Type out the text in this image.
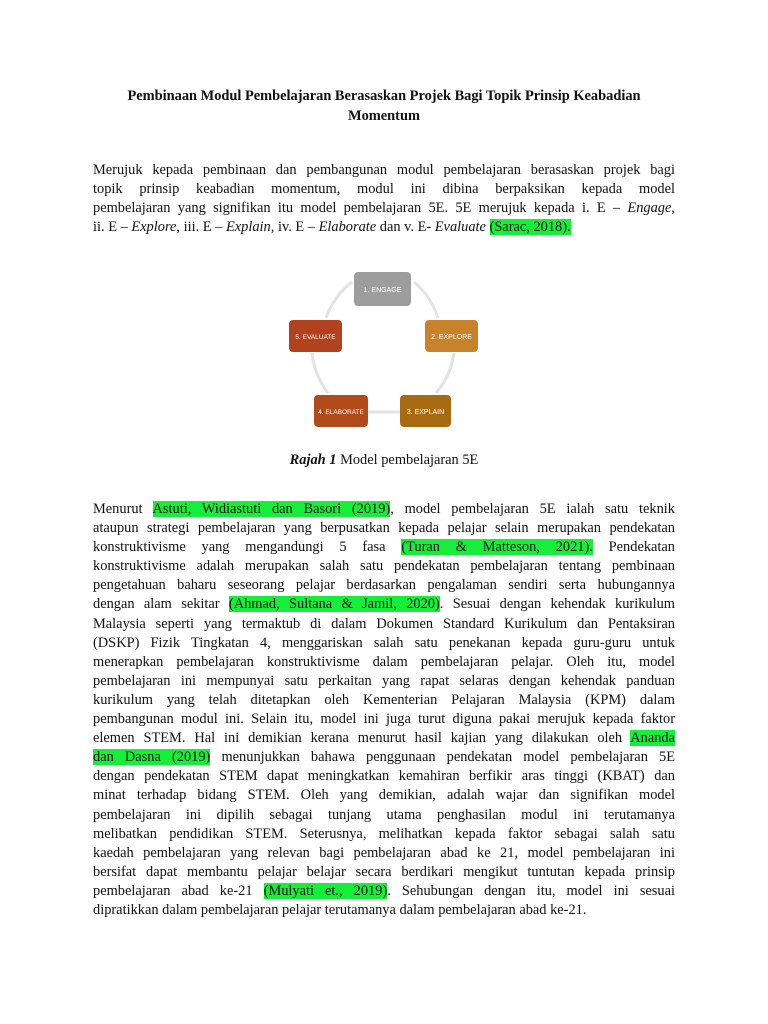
Pembinaan Modul Pembelajaran Berasaskan Projek Bagi Topik Prinsip Keabadian
Momentum
Merujuk kepada pembinaan dan pembangunan modul pembelajaran berasaskan projek bagi
topik prinsip keabadian momentum, modul ini dibina berpaksikan kepada model
pembelajaran yang signifikan itu model pembelajaran 5E. 5E merujuk kepada i. E – Engage,
ii. E – Explore, iii. E – Explain, iv. E – Elaborate dan v. E- Evaluate (Sarac, 2018).
1. ENGAGE
2. EXPLORE
3. EXPLAIN
4. ELABORATE
5. EVALUATE
Rajah 1 Model pembelajaran 5E
Menurut Astuti, Widiastuti dan Basori (2019), model pembelajaran 5E ialah satu teknik
ataupun strategi pembelajaran yang berpusatkan kepada pelajar selain merupakan pendekatan
konstruktivisme yang mengandungi 5 fasa (Turan & Matteson, 2021). Pendekatan
konstruktivisme adalah merupakan salah satu pendekatan pembelajaran tentang pembinaan
pengetahuan baharu seseorang pelajar berdasarkan pengalaman sendiri serta hubungannya
dengan alam sekitar (Ahmad, Sultana & Jamil, 2020). Sesuai dengan kehendak kurikulum
Malaysia seperti yang termaktub di dalam Dokumen Standard Kurikulum dan Pentaksiran
(DSKP) Fizik Tingkatan 4, menggariskan salah satu penekanan kepada guru-guru untuk
menerapkan pembelajaran konstruktivisme dalam pembelajaran pelajar. Oleh itu, model
pembelajaran ini mempunyai satu perkaitan yang rapat selaras dengan kehendak panduan
kurikulum yang telah ditetapkan oleh Kementerian Pelajaran Malaysia (KPM) dalam
pembangunan modul ini. Selain itu, model ini juga turut diguna pakai merujuk kepada faktor
elemen STEM. Hal ini demikian kerana menurut hasil kajian yang dilakukan oleh Ananda
dan Dasna (2019) menunjukkan bahawa penggunaan pendekatan model pembelajaran 5E
dengan pendekatan STEM dapat meningkatkan kemahiran berfikir aras tinggi (KBAT) dan
minat terhadap bidang STEM. Oleh yang demikian, adalah wajar dan signifikan model
pembelajaran ini dipilih sebagai tunjang utama penghasilan modul ini terutamanya
melibatkan pendidikan STEM. Seterusnya, melihatkan kepada faktor sebagai salah satu
kaedah pembelajaran yang relevan bagi pembelajaran abad ke 21, model pembelajaran ini
bersifat dapat membantu pelajar belajar secara berdikari mengikut tuntutan kepada prinsip
pembelajaran abad ke-21 (Mulyati et., 2019). Sehubungan dengan itu, model ini sesuai
dipratikkan dalam pembelajaran pelajar terutamanya dalam pembelajaran abad ke-21.
